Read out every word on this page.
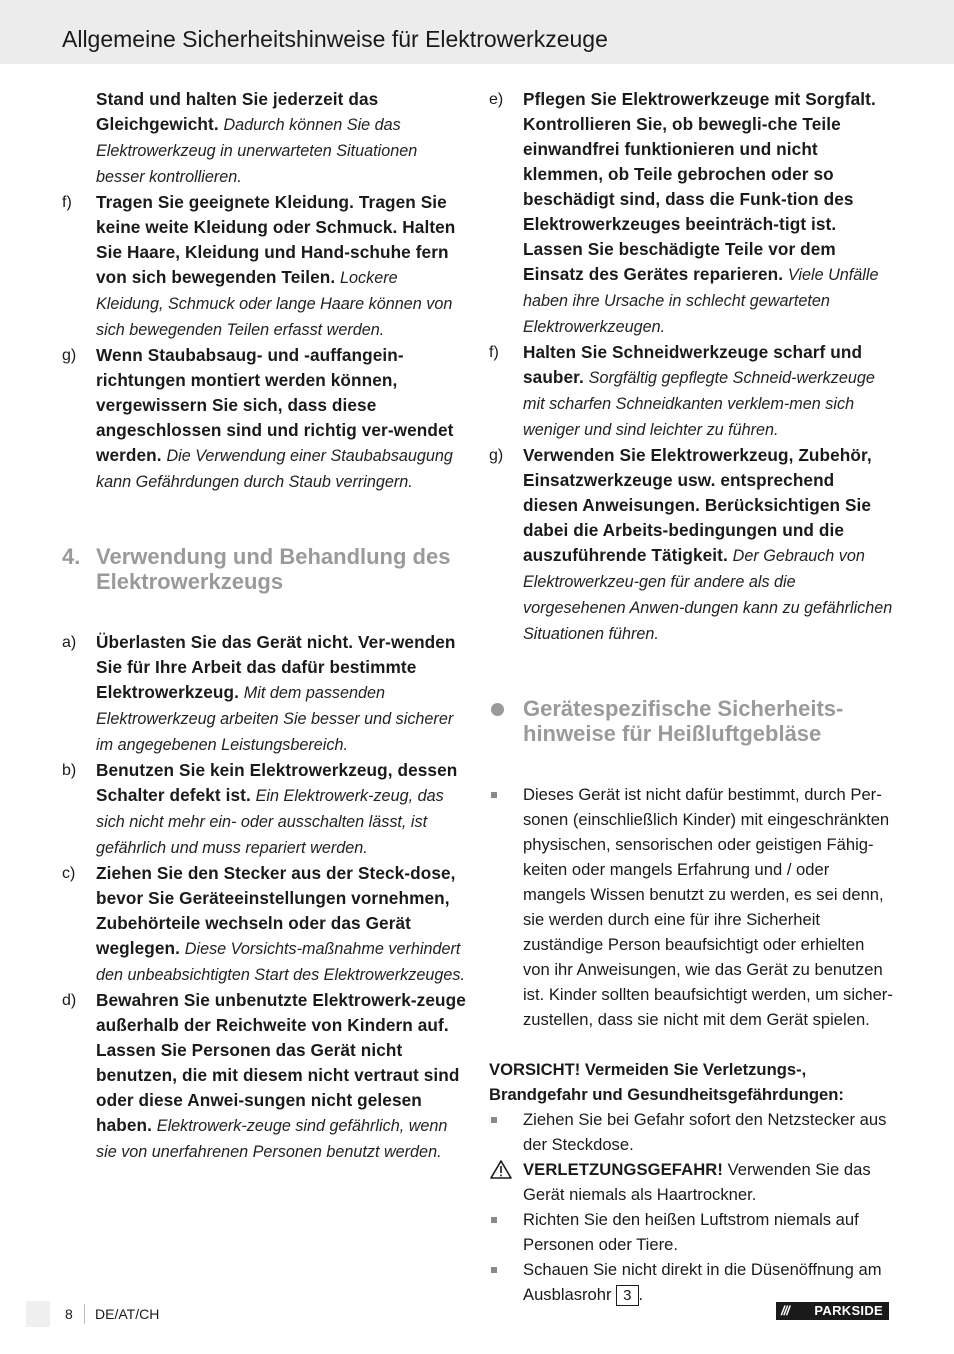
Allgemeine Sicherheitshinweise für Elektrowerkzeuge

Stand und halten Sie jederzeit das Gleichgewicht. Dadurch können Sie das Elektrowerkzeug in unerwarteten Situationen besser kontrollieren.

f) Tragen Sie geeignete Kleidung. Tragen Sie keine weite Kleidung oder Schmuck. Halten Sie Haare, Kleidung und Hand-schuhe fern von sich bewegenden Teilen. Lockere Kleidung, Schmuck oder lange Haare können von sich bewegenden Teilen erfasst werden.

g) Wenn Staubabsaug- und -auffangein-richtungen montiert werden können, vergewissern Sie sich, dass diese angeschlossen sind und richtig ver-wendet werden. Die Verwendung einer Staubabsaugung kann Gefährdungen durch Staub verringern.

4. Verwendung und Behandlung des Elektrowerkzeugs

a) Überlasten Sie das Gerät nicht. Ver-wenden Sie für Ihre Arbeit das dafür bestimmte Elektrowerkzeug. Mit dem passenden Elektrowerkzeug arbeiten Sie besser und sicherer im angegebenen Leistungsbereich.

b) Benutzen Sie kein Elektrowerkzeug, dessen Schalter defekt ist. Ein Elektrowerk-zeug, das sich nicht mehr ein- oder ausschalten lässt, ist gefährlich und muss repariert werden.

c) Ziehen Sie den Stecker aus der Steck-dose, bevor Sie Geräteeinstellungen vornehmen, Zubehörteile wechseln oder das Gerät weglegen. Diese Vorsichts-maßnahme verhindert den unbeabsichtigten Start des Elektrowerkzeuges.

d) Bewahren Sie unbenutzte Elektrowerk-zeuge außerhalb der Reichweite von Kindern auf. Lassen Sie Personen das Gerät nicht benutzen, die mit diesem nicht vertraut sind oder diese Anwei-sungen nicht gelesen haben. Elektrowerk-zeuge sind gefährlich, wenn sie von unerfahrenen Personen benutzt werden.

e) Pflegen Sie Elektrowerkzeuge mit Sorgfalt. Kontrollieren Sie, ob bewegli-che Teile einwandfrei funktionieren und nicht klemmen, ob Teile gebrochen oder so beschädigt sind, dass die Funk-tion des Elektrowerkzeuges beeinträch-tigt ist. Lassen Sie beschädigte Teile vor dem Einsatz des Gerätes reparieren. Viele Unfälle haben ihre Ursache in schlecht gewarteten Elektrowerkzeugen.

f) Halten Sie Schneidwerkzeuge scharf und sauber. Sorgfältig gepflegte Schneid-werkzeuge mit scharfen Schneidkanten verklem-men sich weniger und sind leichter zu führen.

g) Verwenden Sie Elektrowerkzeug, Zubehör, Einsatzwerkzeuge usw. entsprechend diesen Anweisungen. Berücksichtigen Sie dabei die Arbeits-bedingungen und die auszuführende Tätigkeit. Der Gebrauch von Elektrowerkzeu-gen für andere als die vorgesehenen Anwen-dungen kann zu gefährlichen Situationen führen.

Gerätespezifische Sicherheits-hinweise für Heißluftgebläse
Dieses Gerät ist nicht dafür bestimmt, durch Per-sonen (einschließlich Kinder) mit eingeschränkten physischen, sensorischen oder geistigen Fähig-keiten oder mangels Erfahrung und / oder mangels Wissen benutzt zu werden, es sei denn, sie werden durch eine für ihre Sicherheit zuständige Person beaufsichtigt oder erhielten von ihr Anweisungen, wie das Gerät zu benutzen ist. Kinder sollten beaufsichtigt werden, um sicher-zustellen, dass sie nicht mit dem Gerät spielen.
VORSICHT! Vermeiden Sie Verletzungs-, Brandgefahr und Gesundheitsgefährdungen:
Ziehen Sie bei Gefahr sofort den Netzstecker aus der Steckdose.
VERLETZUNGSGEFAHR! Verwenden Sie das Gerät niemals als Haartrockner.
Richten Sie den heißen Luftstrom niemals auf Personen oder Tiere.
Schauen Sie nicht direkt in die Düsenöffnung am Ausblasrohr 3 .
8 DE/AT/CH	/// PARKSIDE
